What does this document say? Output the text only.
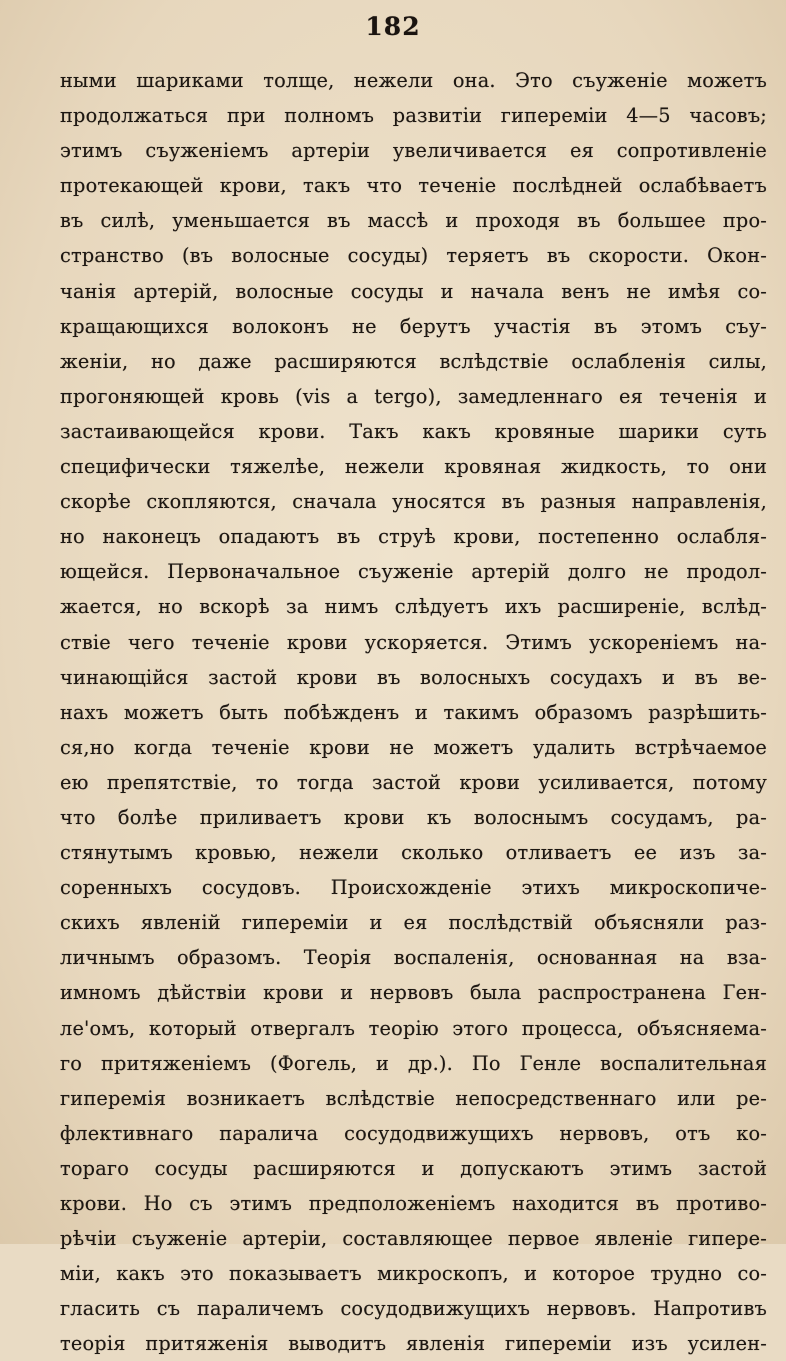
182
ными шариками толще, нежели она. Это съуженіе можетъ
продолжаться при полномъ развитіи гипереміи 4—5 часовъ;
этимъ съуженіемъ артеріи увеличивается ея сопротивленіе
протекающей крови, такъ что теченіе послѣдней ослабѣваетъ
въ силѣ, уменьшается въ массѣ и проходя въ большее про-
странство (въ волосные сосуды) теряетъ въ скорости. Окон-
чанія артерій, волосные сосуды и начала венъ не имѣя со-
кращающихся волоконъ не берутъ участія въ этомъ съу-
женіи, но даже расширяются вслѣдствіе ослабленія силы,
прогоняющей кровь (vis a tergo), замедленнаго ея теченія и
застаивающейся крови. Такъ какъ кровяные шарики суть
специфически тяжелѣе, нежели кровяная жидкость, то они
скорѣе скопляются, сначала уносятся въ разныя направленія,
но наконецъ опадаютъ въ струѣ крови, постепенно ослабля-
ющейся. Первоначальное съуженіе артерій долго не продол-
жается, но вскорѣ за нимъ слѣдуетъ ихъ расширеніе, вслѣд-
ствіе чего теченіе крови ускоряется. Этимъ ускореніемъ на-
чинающійся застой крови въ волосныхъ сосудахъ и въ ве-
нахъ можетъ быть побѣжденъ и такимъ образомъ разрѣшить-
ся,но когда теченіе крови не можетъ удалить встрѣчаемое
ею препятствіе, то тогда застой крови усиливается, потому
что болѣе приливаетъ крови къ волоснымъ сосудамъ, ра-
стянутымъ кровью, нежели сколько отливаетъ ее изъ за-
соренныхъ сосудовъ. Происхожденіе этихъ микроскопиче-
скихъ явленій гипереміи и ея послѣдствій объясняли раз-
личнымъ образомъ. Теорія воспаленія, основанная на вза-
имномъ дѣйствіи крови и нервовъ была распространена Ген-
ле'омъ, который отвергалъ теорію этого процесса, объясняема-
го притяженіемъ (Фогель, и др.). По Генле воспалительная
гиперемія возникаетъ вслѣдствіе непосредственнаго или ре-
флективнаго паралича сосудодвижущихъ нервовъ, отъ ко-
тораго сосуды расширяются и допускаютъ этимъ застой
крови. Но съ этимъ предположеніемъ находится въ противо-
рѣчіи съуженіе артеріи, составляющее первое явленіе гипере-
міи, какъ это показываетъ микроскопъ, и которое трудно со-
гласить съ параличемъ сосудодвижущихъ нервовъ. Напротивъ
теорія притяженія выводитъ явленія гипереміи изъ усилен-
